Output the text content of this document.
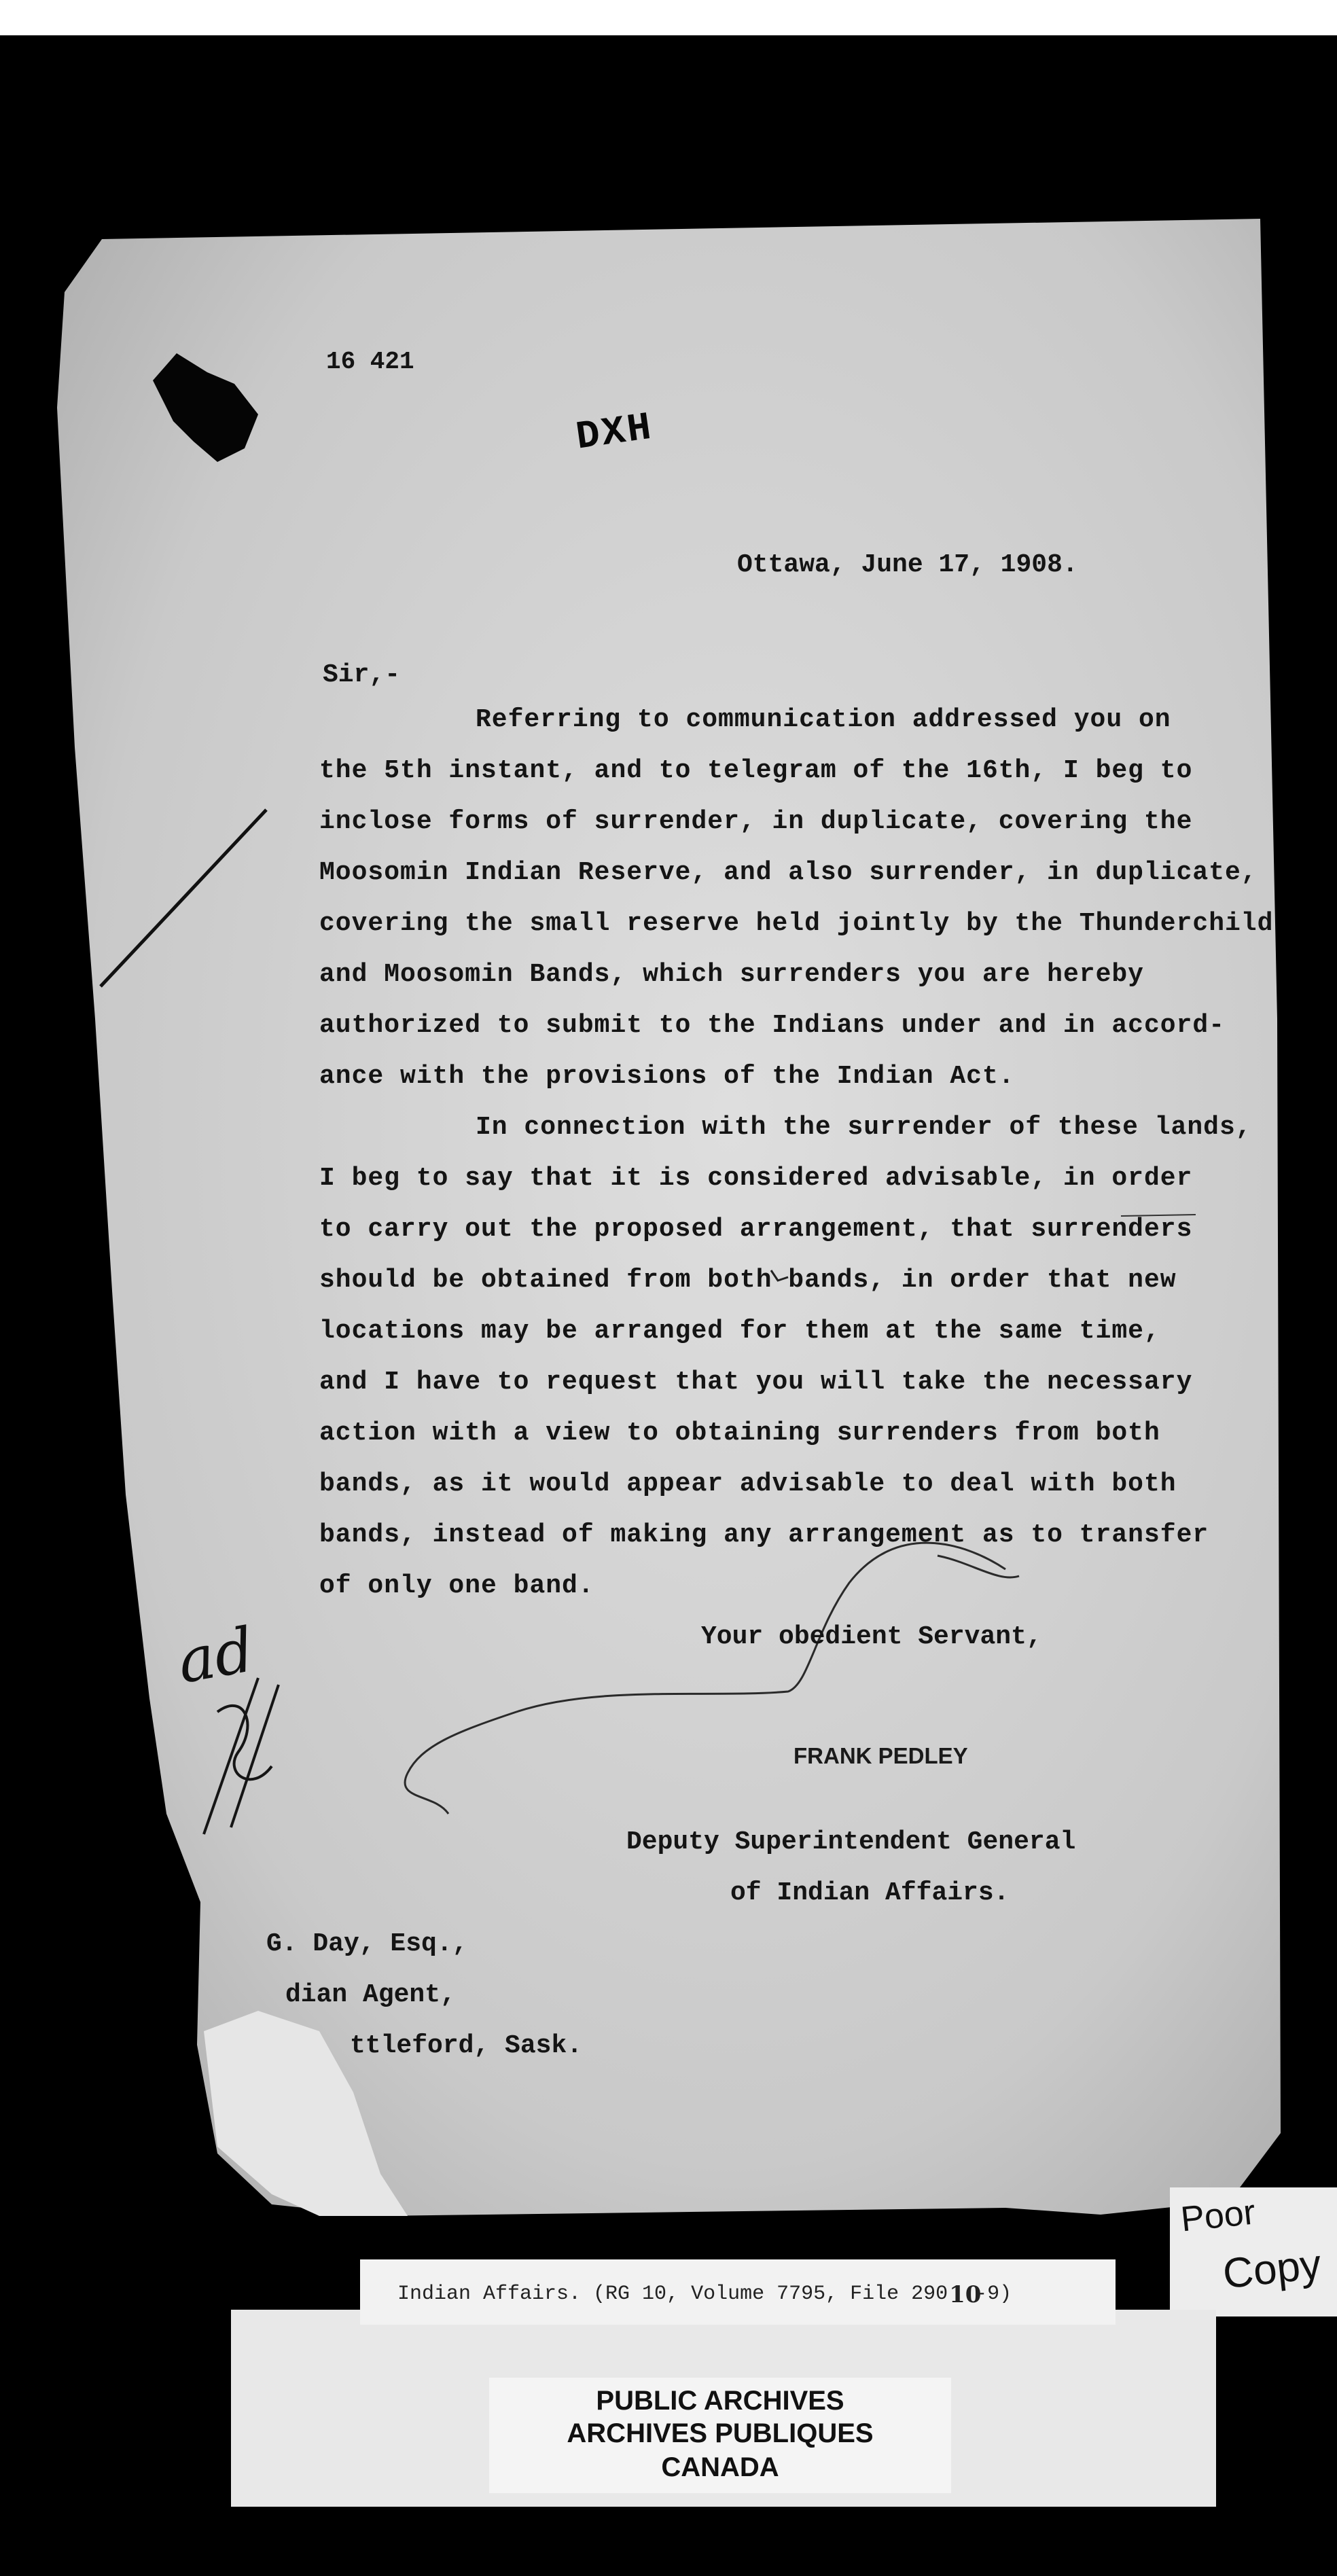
16 421
DXH
Ottawa, June 17, 1908.
Sir,-
Referring to communication addressed you on
the 5th instant, and to telegram of the 16th, I beg to
inclose forms of surrender, in duplicate, covering the
Moosomin Indian Reserve, and also surrender, in duplicate,
covering the small reserve held jointly by the Thunderchild
and Moosomin Bands, which surrenders you are hereby
authorized to submit to the Indians under and in accord-
ance with the provisions of the Indian Act.
In connection with the surrender of these lands,
I beg to say that it is considered advisable, in order
to carry out the proposed arrangement, that surrenders
should be obtained from both bands, in order that new
locations may be arranged for them at the same time,
and I have to request that you will take the necessary
action with a view to obtaining surrenders from both
bands, as it would appear advisable to deal with both
bands, instead of making any arrangement as to transfer
of only one band.
Your obedient Servant,
FRANK PEDLEY
Deputy Superintendent General
of Indian Affairs.
G. Day, Esq.,
dian Agent,
ttleford, Sask.
ad
Poor
Copy
Indian Affairs. (RG 10, Volume 7795, File 290 10
-9)
PUBLIC ARCHIVES
ARCHIVES PUBLIQUES
CANADA
